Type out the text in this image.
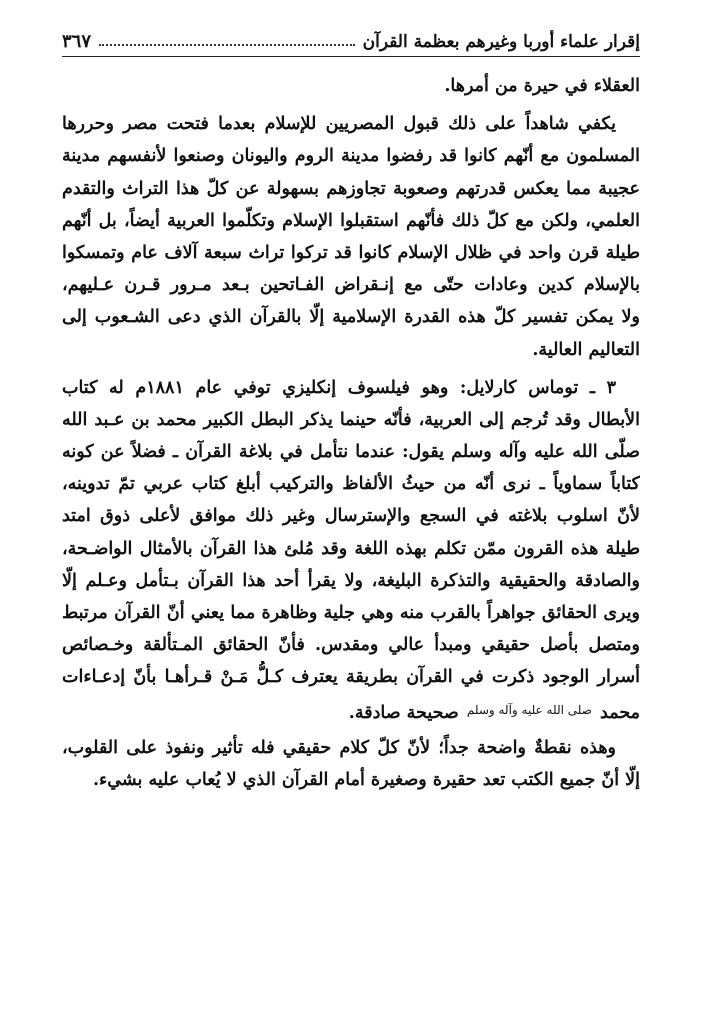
إقرار علماء أوربا وغيرهم بعظمة القرآن
٣٦٧
العقلاء في حيرة من أمرها.
يكفي شاهداً على ذلك قبول المصريين للإسلام بعدما فتحت مصر وحررها
المسلمون مع أنّهم كانوا قد رفضوا مدينة الروم واليونان وصنعوا لأنفسهم مدينة
عجيبة مما يعكس قدرتهم وصعوبة تجاوزهم بسهولة عن كلّ هذا التراث والتقدم
العلمي، ولكن مع كلّ ذلك فأنّهم استقبلوا الإسلام وتكلّموا العربية أيضاً، بل أنّهم
طيلة قرن واحد في ظلال الإسلام كانوا قد تركوا تراث سبعة آلاف عام وتمسكوا
بالإسلام كدين وعادات حتّى مع إنـقراض الفـاتحين بـعد مـرور قـرن عـليهم،
ولا يمكن تفسير كلّ هذه القدرة الإسلامية إلّا بالقرآن الذي دعى الشـعوب إلى
التعاليم العالية.
٣ ـ توماس كارلايل: وهو فيلسوف إنكليزي توفي عام ١٨٨١م له كتاب
الأبطال وقد تُرجم إلى العربية، فأنّه حينما يذكر البطل الكبير محمد بن عـبد الله
صلّى الله عليه وآله وسلم يقول: عندما نتأمل في بلاغة القرآن ـ فضلاً عن كونه
كتاباً سماوياً ـ نرى أنّه من حيثُ الألفاظ والتركيب أبلغ كتاب عربي تمّ تدوينه،
لأنّ اسلوب بلاغته في السجع والإسترسال وغير ذلك موافق لأعلى ذوق امتد
طيلة هذه القرون ممّن تكلم بهذه اللغة وقد مُلئ هذا القرآن بالأمثال الواضـحة،
والصادقة والحقيقية والتذكرة البليغة، ولا يقرأ أحد هذا القرآن بـتأمل وعـلم إلّا
ويرى الحقائق جواهراً بالقرب منه وهي جلية وظاهرة مما يعني أنّ القرآن مرتبط
ومتصل بأصل حقيقي ومبدأ عالي ومقدس. فأنّ الحقائق المـتألقة وخـصائص
أسرار الوجود ذكرت في القرآن بطريقة يعترف كـلُّ مَـنْ قـرأهـا بأنّ إدعـاءات
محمد $^{صلى الله عليه وآله وسلم}$ صحيحة صادقة.
وهذه نقطةٌ واضحة جداً؛ لأنّ كلّ كلام حقيقي فله تأثير ونفوذ على القلوب،
إلّا أنّ جميع الكتب تعد حقيرة وصغيرة أمام القرآن الذي لا يُعاب عليه بشيء.
